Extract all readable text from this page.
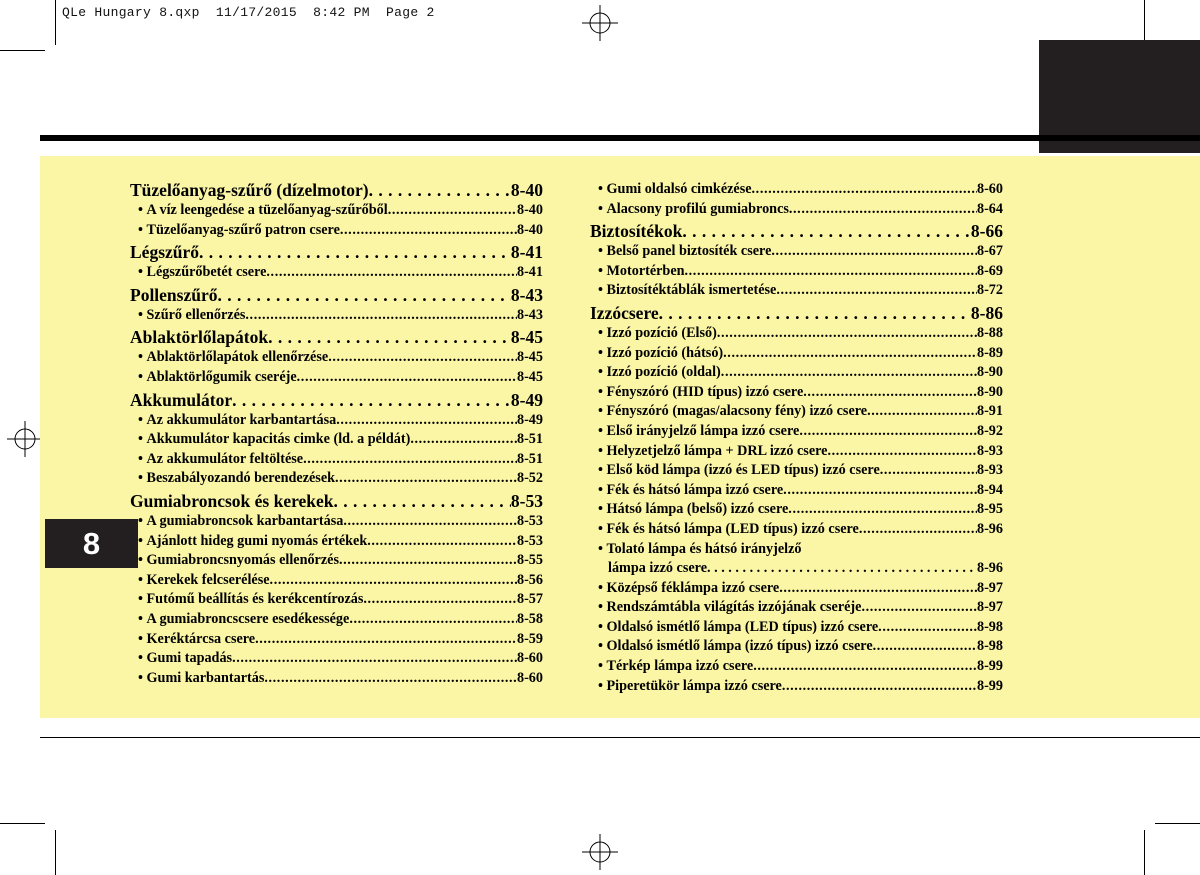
QLe Hungary 8.qxp  11/17/2015  8:42 PM  Page 2
8
Tüzelőanyag-szűrő (dízelmotor) . . .	8-40
• A víz leengedése a tüzelőanyag-szűrőből .....	8-40
• Tüzelőanyag-szűrő patron csere .....	8-40
Légszűrő . . .	8-41
• Légszűrőbetét csere .....	8-41
Pollenszűrő . . .	8-43
• Szűrő ellenőrzés .....	8-43
Ablaktörlőlapátok . . .	8-45
• Ablaktörlőlapátok ellenőrzése .....	8-45
• Ablaktörlőgumik cseréje .....	8-45
Akkumulátor . . .	8-49
• Az akkumulátor karbantartása .....	8-49
• Akkumulátor kapacitás cimke (ld. a példát) .....	8-51
• Az akkumulátor feltöltése .....	8-51
• Beszabályozandó berendezések .....	8-52
Gumiabroncsok és kerekek . . .	8-53
• A gumiabroncsok karbantartása .....	8-53
• Ajánlott hideg gumi nyomás értékek .....	8-53
• Gumiabroncsnyomás ellenőrzés .....	8-55
• Kerekek felcserélése .....	8-56
• Futómű beállítás és kerékcentírozás .....	8-57
• A gumiabroncscsere esedékessége .....	8-58
• Keréktárcsa csere .....	8-59
• Gumi tapadás .....	8-60
• Gumi karbantartás .....	8-60
• Gumi oldalsó cimkézése .....	8-60
• Alacsony profilú gumiabroncs .....	8-64
Biztosítékok . . .	8-66
• Belső panel biztosíték csere .....	8-67
• Motortérben .....	8-69
• Biztosítéktáblák ismertetése .....	8-72
Izzócsere . . .	8-86
• Izzó pozíció (Első) .....	8-88
• Izzó pozíció (hátsó) .....	8-89
• Izzó pozíció (oldal) .....	8-90
• Fényszóró (HID típus) izzó csere .....	8-90
• Fényszóró (magas/alacsony fény) izzó csere .....	8-91
• Első irányjelző lámpa izzó csere .....	8-92
• Helyzetjelző lámpa + DRL izzó csere .....	8-93
• Első köd lámpa (izzó és LED típus) izzó csere .....	8-93
• Fék és hátsó lámpa izzó csere .....	8-94
• Hátsó lámpa (belső) izzó csere .....	8-95
• Fék és hátsó lámpa (LED típus) izzó csere .....	8-96
• Tolató lámpa és hátsó irányjelző
lámpa izzó csere . . .	8-96
• Középső féklámpa izzó csere .....	8-97
• Rendszámtábla világítás izzójának cseréje .....	8-97
• Oldalsó ismétlő lámpa (LED típus) izzó csere .....	8-98
• Oldalsó ismétlő lámpa (izzó típus) izzó csere .....	8-98
• Térkép lámpa izzó csere .....	8-99
• Piperetükör lámpa izzó csere .....	8-99
